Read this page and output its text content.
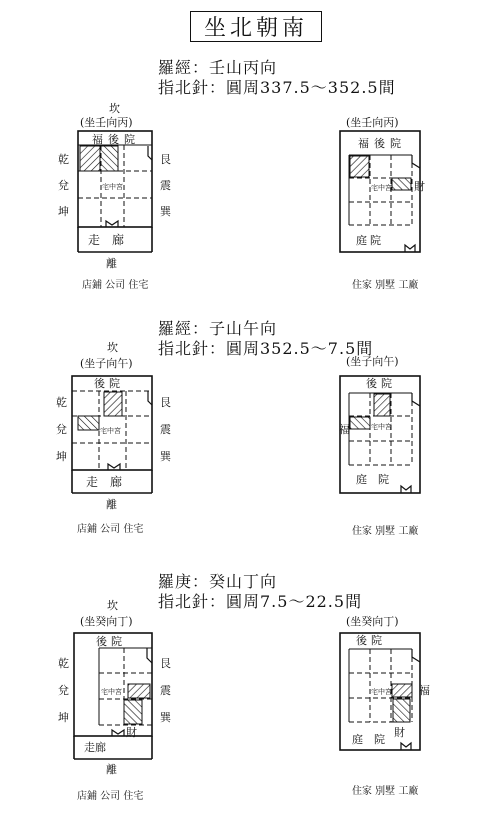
坐北朝南
羅經：壬山丙向
指北針：圓周337.5～352.5間
坎
(坐壬向丙)
福後院
乾
兌
坤
艮
震
巽
宅中宮
走　廊
離
店鋪 公司 住宅
(坐壬向丙)
福後院
宅中宮 財
庭院
住家 別墅 工廠
羅經：子山午向
指北針：圓周352.5～7.5間
坎
(坐子向午)
後院
乾
兌
坤
艮
震
巽
宅中宮
走　廊
離
店鋪 公司 住宅
(坐子向午)
後院
宅中宮
福
庭　院
住家 別墅 工廠
羅庚：癸山丁向
指北針：圓周7.5～22.5間
坎
(坐癸向丁)
後院
乾
兌
坤
艮
震
巽
宅中宮
走廊
財
離
店鋪 公司 住宅
(坐癸向丁)
後院
宅中宮 福
庭　院
財
住家 別墅 工廠
